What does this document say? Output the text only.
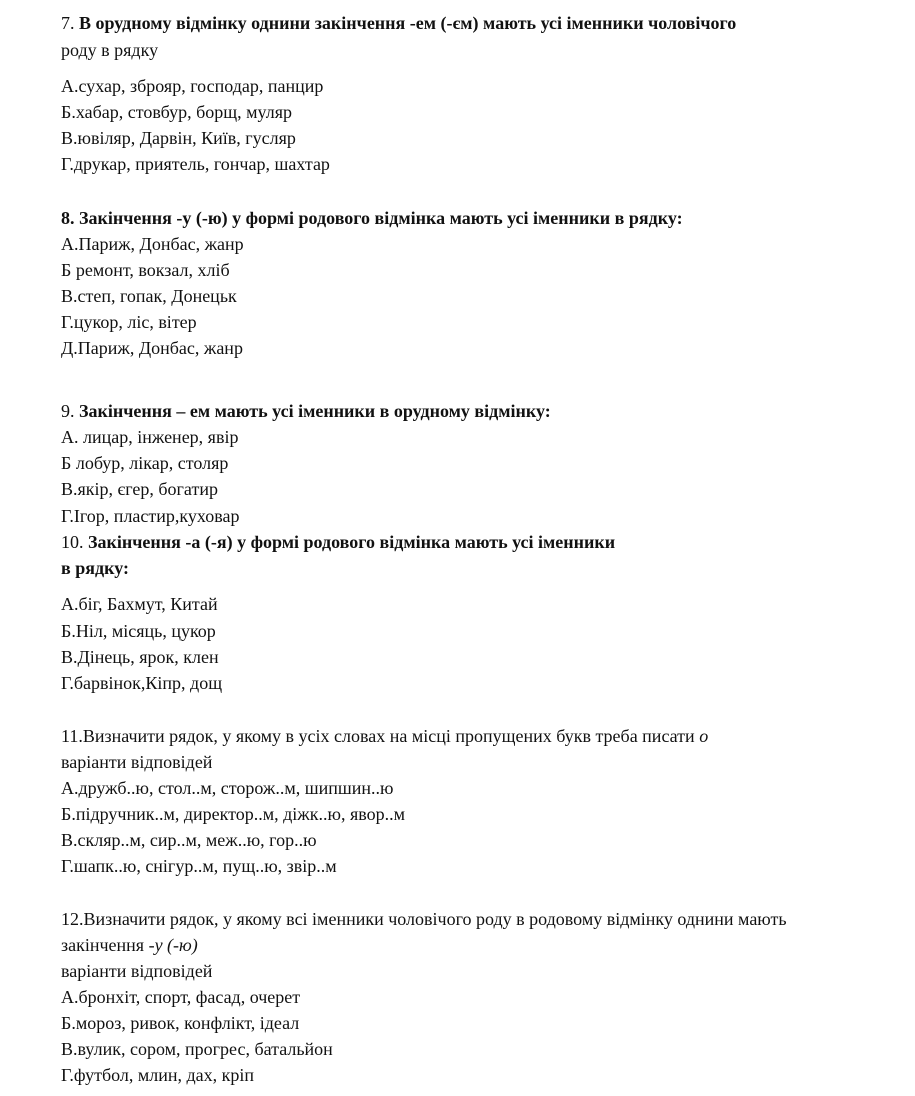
7. В орудному відмінку однини закінчення -ем (-єм) мають усі іменники чоловічого
роду в рядку
А.сухар, зброяр, господар, панцир
Б.хабар, стовбур, борщ, муляр
В.ювіляр, Дарвін, Київ, гусляр
Г.друкар, приятель, гончар, шахтар
8. Закінчення -у (-ю) у формі родового відмінка мають усі іменники в рядку:
А.Париж, Донбас, жанр
Б ремонт, вокзал, хліб
В.степ, гопак, Донецьк
Г.цукор, ліс, вітер
Д.Париж, Донбас, жанр
9. Закінчення – ем мають усі іменники в орудному відмінку:
А. лицар, інженер, явір
Б лобур, лікар, столяр
В.якір, єгер, богатир
Г.Ігор, пластир,куховар
10. Закінчення -а (-я) у формі родового відмінка мають усі іменники
в рядку:
А.біг, Бахмут, Китай
Б.Ніл, місяць, цукор
В.Дінець, ярок, клен
Г.барвінок,Кіпр, дощ
11.Визначити рядок, у якому в усіх словах на місці пропущених букв треба писати о
варіанти відповідей
А.дружб..ю, стол..м, сторож..м, шипшин..ю
Б.підручник..м, директор..м, діжк..ю, явор..м
В.скляр..м, сир..м, меж..ю, гор..ю
Г.шапк..ю, снігур..м, пущ..ю, звір..м
12.Визначити рядок, у якому всі іменники чоловічого роду в родовому відмінку однини мають
закінчення -у (-ю)
варіанти відповідей
А.бронхіт, спорт, фасад, очерет
Б.мороз, ривок, конфлікт, ідеал
В.вулик, сором, прогрес, батальйон
Г.футбол, млин, дах, кріп
